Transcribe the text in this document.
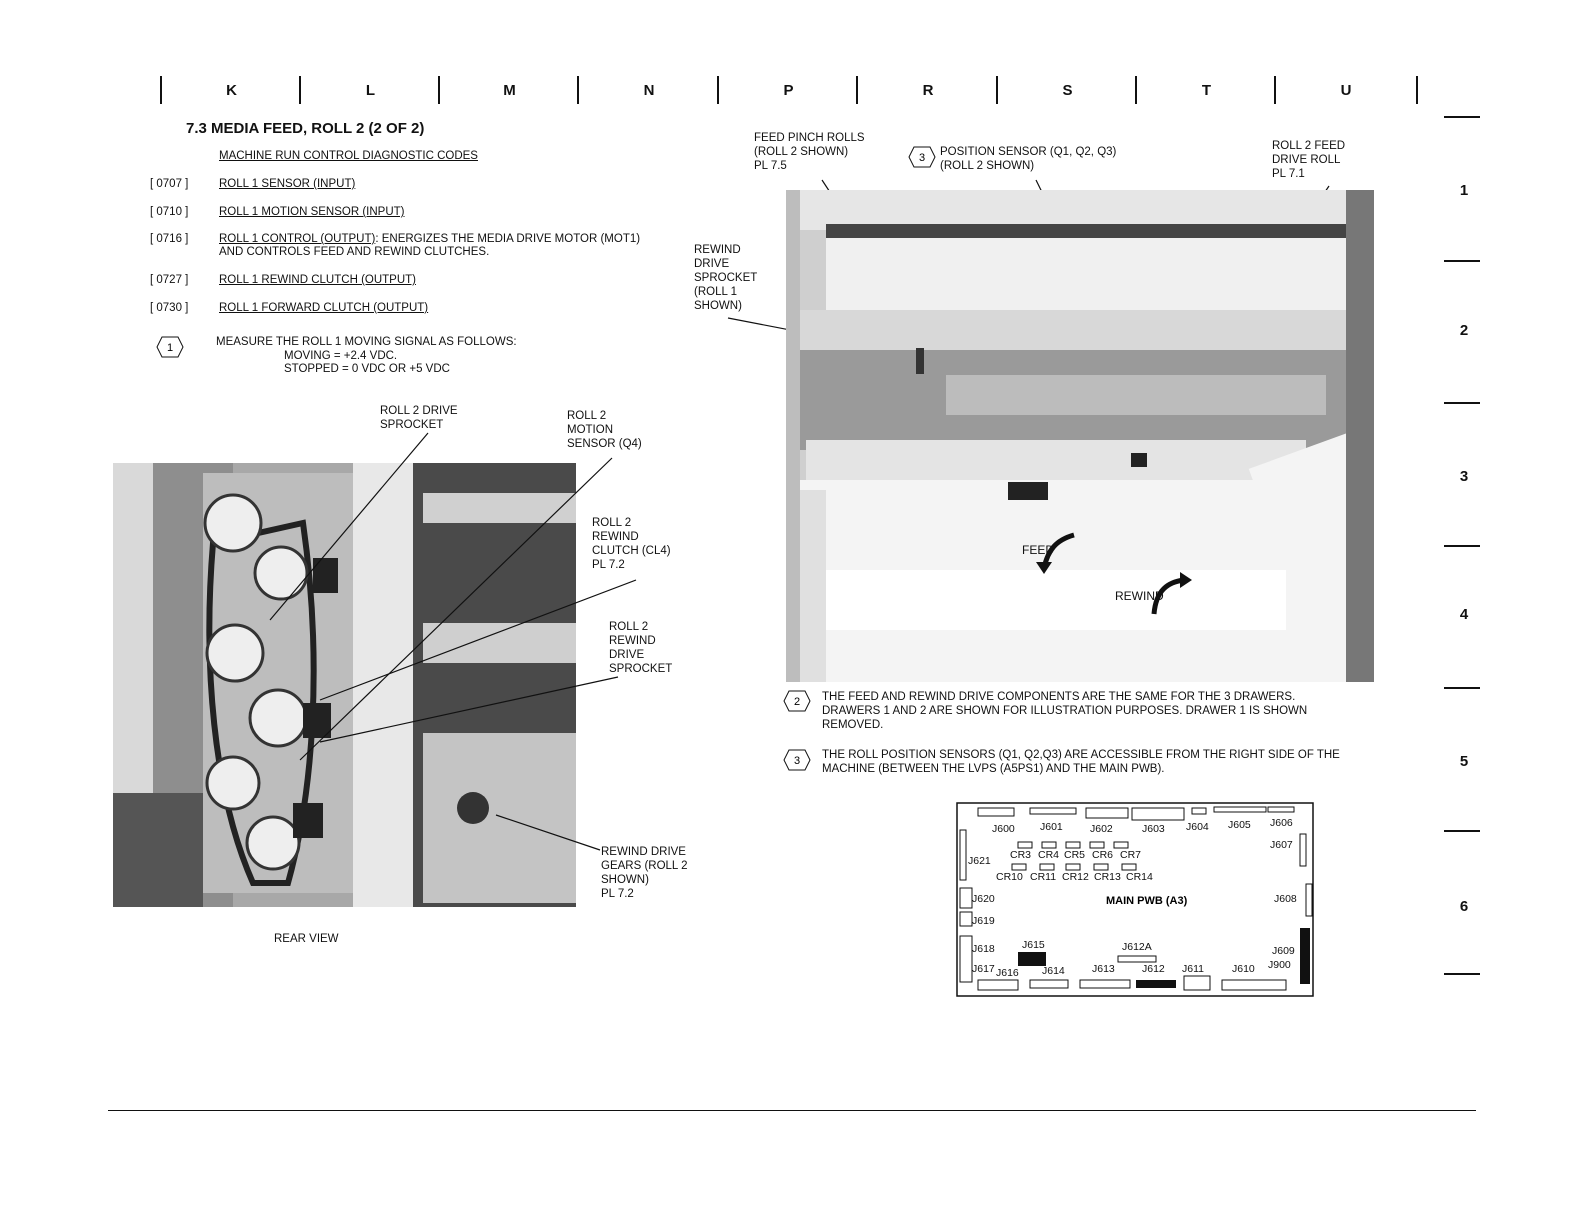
K	L	M	N	P	R	S	T	U
1
2
3
4
5
6
7.3 MEDIA FEED, ROLL 2 (2 OF 2)
MACHINE RUN CONTROL DIAGNOSTIC CODES
[ 0707 ]	ROLL 1 SENSOR (INPUT)
[ 0710 ]	ROLL 1 MOTION SENSOR (INPUT)
[ 0716 ]	ROLL 1 CONTROL (OUTPUT): ENERGIZES THE MEDIA DRIVE MOTOR (MOT1)
AND CONTROLS FEED AND REWIND CLUTCHES.
[ 0727 ]	ROLL 1 REWIND CLUTCH (OUTPUT)
[ 0730 ]	ROLL 1 FORWARD CLUTCH (OUTPUT)
1	MEASURE THE ROLL 1 MOVING SIGNAL AS FOLLOWS:
MOVING = +2.4 VDC.
STOPPED = 0 VDC OR +5 VDC
ROLL 2 DRIVE
SPROCKET
ROLL 2
MOTION
SENSOR (Q4)
ROLL 2
REWIND
CLUTCH (CL4)
PL 7.2
ROLL 2
REWIND
DRIVE
SPROCKET
REWIND DRIVE
GEARS (ROLL 2
SHOWN)
PL 7.2
REAR VIEW
FEED
REWIND
FEED PINCH ROLLS
(ROLL 2 SHOWN)
PL 7.5
3 POSITION SENSOR (Q1, Q2, Q3)
(ROLL 2 SHOWN)
ROLL 2 FEED
DRIVE ROLL
PL 7.1
REWIND
DRIVE
SPROCKET
(ROLL 1
SHOWN)
2 THE FEED AND REWIND DRIVE COMPONENTS ARE THE SAME FOR THE 3 DRAWERS.
DRAWERS 1 AND 2 ARE SHOWN FOR ILLUSTRATION PURPOSES. DRAWER 1 IS SHOWN
REMOVED.
3 THE ROLL POSITION SENSORS (Q1, Q2,Q3) ARE ACCESSIBLE FROM THE RIGHT SIDE OF THE
MACHINE (BETWEEN THE LVPS (A5PS1) AND THE MAIN PWB).
J600 J601	J602	J603 J604 J605 J606
J607
J608
J609
J900
J610
J611
J612
J612A
J613
J614
J615
J616
J617
J618
J619
J620
J621 CR3 CR4 CR5 CR6 CR7
CR10 CR11 CR12 CR13 CR14
MAIN PWB (A3)
